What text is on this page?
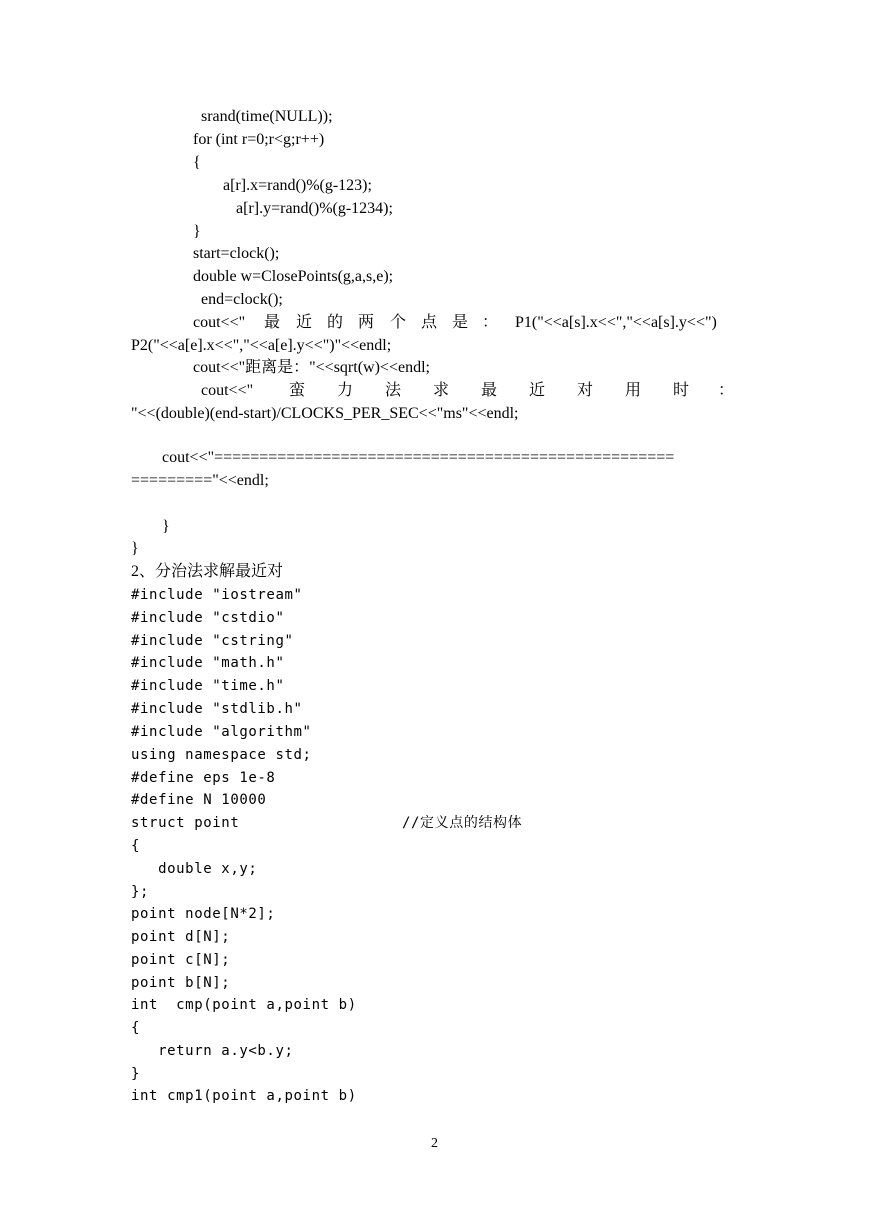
srand(time(NULL));
for (int r=0;r<g;r++)
{
a[r].x=rand()%(g-123);
a[r].y=rand()%(g-1234);
}
start=clock();
double w=ClosePoints(g,a,s,e);
end=clock();
cout<<" 最 近 的 两 个 点 是 ： P1("<<a[s].x<<","<<a[s].y<<")
P2("<<a[e].x<<","<<a[e].y<<")"<<endl;
cout<<"距离是："<<sqrt(w)<<endl;
cout<<" 蛮 力 法 求 最 近 对 用 时 ：
"<<(double)(end-start)/CLOCKS_PER_SEC<<"ms"<<endl;
cout<<"===================================================
========="<<endl;
}
}
2、分治法求解最近对
#include "iostream"
#include "cstdio"
#include "cstring"
#include "math.h"
#include "time.h"
#include "stdlib.h"
#include "algorithm"
using namespace std;
#define eps 1e-8
#define N 10000
struct point	//定义点的结构体
{
double x,y;
};
point node[N*2];
point d[N];
point c[N];
point b[N];
int  cmp(point a,point b)
{
return a.y<b.y;
}
int cmp1(point a,point b)
2
